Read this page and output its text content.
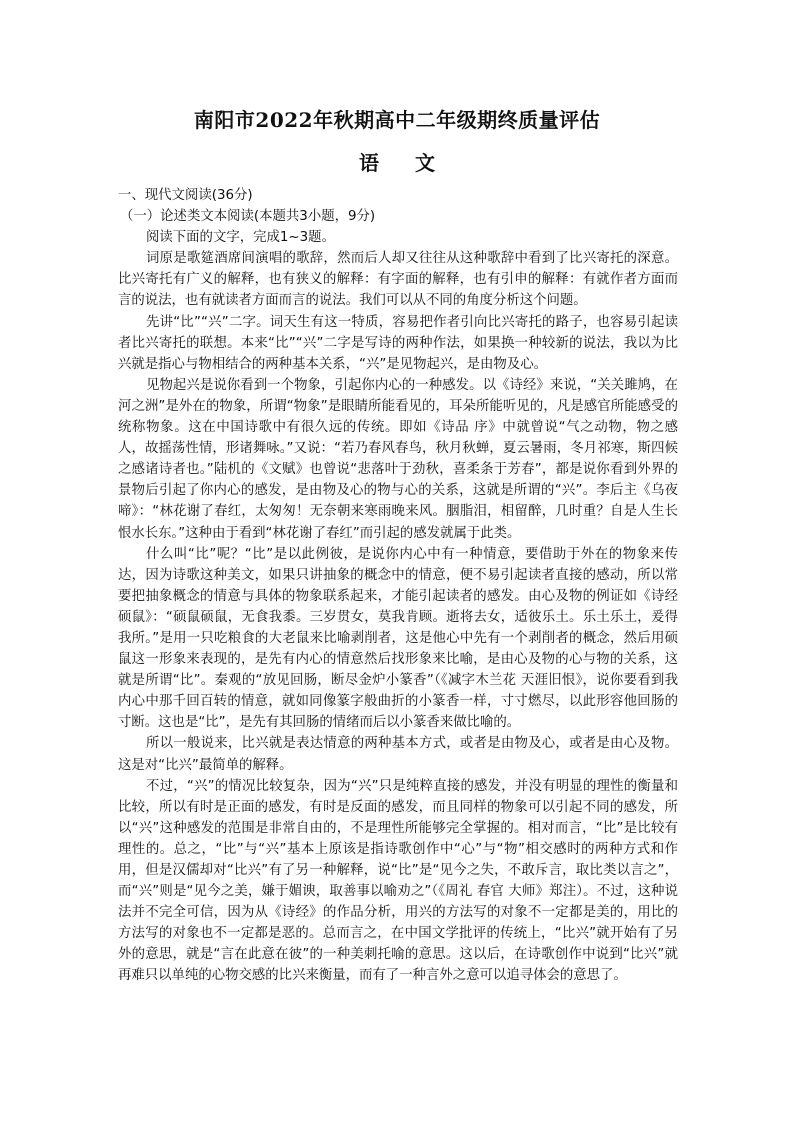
南阳市2022年秋期高中二年级期终质量评估
语文

一、现代文阅读(36分)

（一）论述类文本阅读(本题共3小题，9分)

阅读下面的文字，完成1~3题。

词原是歌筵酒席间演唱的歌辞，然而后人却又往往从这种歌辞中看到了比兴寄托的深意。比兴寄托有广义的解释，也有狭义的解释：有字面的解释，也有引申的解释：有就作者方面而言的说法，也有就读者方面而言的说法。我们可以从不同的角度分析这个问题。

先讲“比”“兴”二字。词天生有这一特质，容易把作者引向比兴寄托的路子，也容易引起读者比兴寄托的联想。本来“比”“兴”二字是写诗的两种作法，如果换一种较新的说法，我以为比兴就是指心与物相结合的两种基本关系，“兴”是见物起兴，是由物及心。

见物起兴是说你看到一个物象，引起你内心的一种感发。以《诗经》来说，“关关雎鸠，在河之洲”是外在的物象，所谓“物象”是眼睛所能看见的，耳朵所能听见的，凡是感官所能感受的统称物象。这在中国诗歌中有很久远的传统。即如《诗品 序》中就曾说“气之动物，物之感人，故摇荡性情，形诸舞咏。”又说：“若乃春风春鸟，秋月秋蝉，夏云暑雨，冬月祁寒，斯四候之感诸诗者也。”陆机的《文赋》也曾说“悲落叶于劲秋，喜柔条于芳春”，都是说你看到外界的景物后引起了你内心的感发，是由物及心的物与心的关系，这就是所谓的“兴”。李后主《乌夜啼》：“林花谢了春红，太匆匆！无奈朝来寒雨晚来风。胭脂泪，相留醉，几时重？自是人生长恨水长东。”这种由于看到“林花谢了春红”而引起的感发就属于此类。

什么叫“比”呢？“比”是以此例彼，是说你内心中有一种情意，要借助于外在的物象来传达，因为诗歌这种美文，如果只讲抽象的概念中的情意，便不易引起读者直接的感动，所以常要把抽象概念的情意与具体的物象联系起来，才能引起读者的感发。由心及物的例证如《诗经 硕鼠》：“硕鼠硕鼠，无食我黍。三岁贯女，莫我肯顾。逝将去女，适彼乐土。乐土乐土，爰得我所。”是用一只吃粮食的大老鼠来比喻剥削者，这是他心中先有一个剥削者的概念，然后用硕鼠这一形象来表现的，是先有内心的情意然后找形象来比喻，是由心及物的心与物的关系，这就是所谓“比”。秦观的“放见回肠，断尽金炉小篆香”（《减字木兰花 天涯旧恨》，说你要看到我内心中那千回百转的情意，就如同像篆字般曲折的小篆香一样，寸寸燃尽，以此形容他回肠的寸断。这也是“比”，是先有其回肠的情绪而后以小篆香来做比喻的。

所以一般说来，比兴就是表达情意的两种基本方式，或者是由物及心，或者是由心及物。这是对“比兴”最简单的解释。

不过，“兴”的情况比较复杂，因为“兴”只是纯粹直接的感发，并没有明显的理性的衡量和比较，所以有时是正面的感发，有时是反面的感发，而且同样的物象可以引起不同的感发，所以“兴”这种感发的范围是非常自由的，不是理性所能够完全掌握的。相对而言，“比”是比较有理性的。总之，“比”与“兴”基本上原该是指诗歌创作中“心”与“物”相交感时的两种方式和作用，但是汉儒却对“比兴”有了另一种解释，说“比”是“见今之失，不敢斥言，取比类以言之”，而“兴”则是“见今之美，嫌于媚谀，取善事以喻劝之”（《周礼 春官 大师》郑注）。不过，这种说法并不完全可信，因为从《诗经》的作品分析，用兴的方法写的对象不一定都是美的，用比的方法写的对象也不一定都是恶的。总而言之，在中国文学批评的传统上，“比兴”就开始有了另外的意思，就是“言在此意在彼”的一种美刺托喻的意思。这以后，在诗歌创作中说到“比兴”就再难只以单纯的心物交感的比兴来衡量，而有了一种言外之意可以追寻体会的意思了。
